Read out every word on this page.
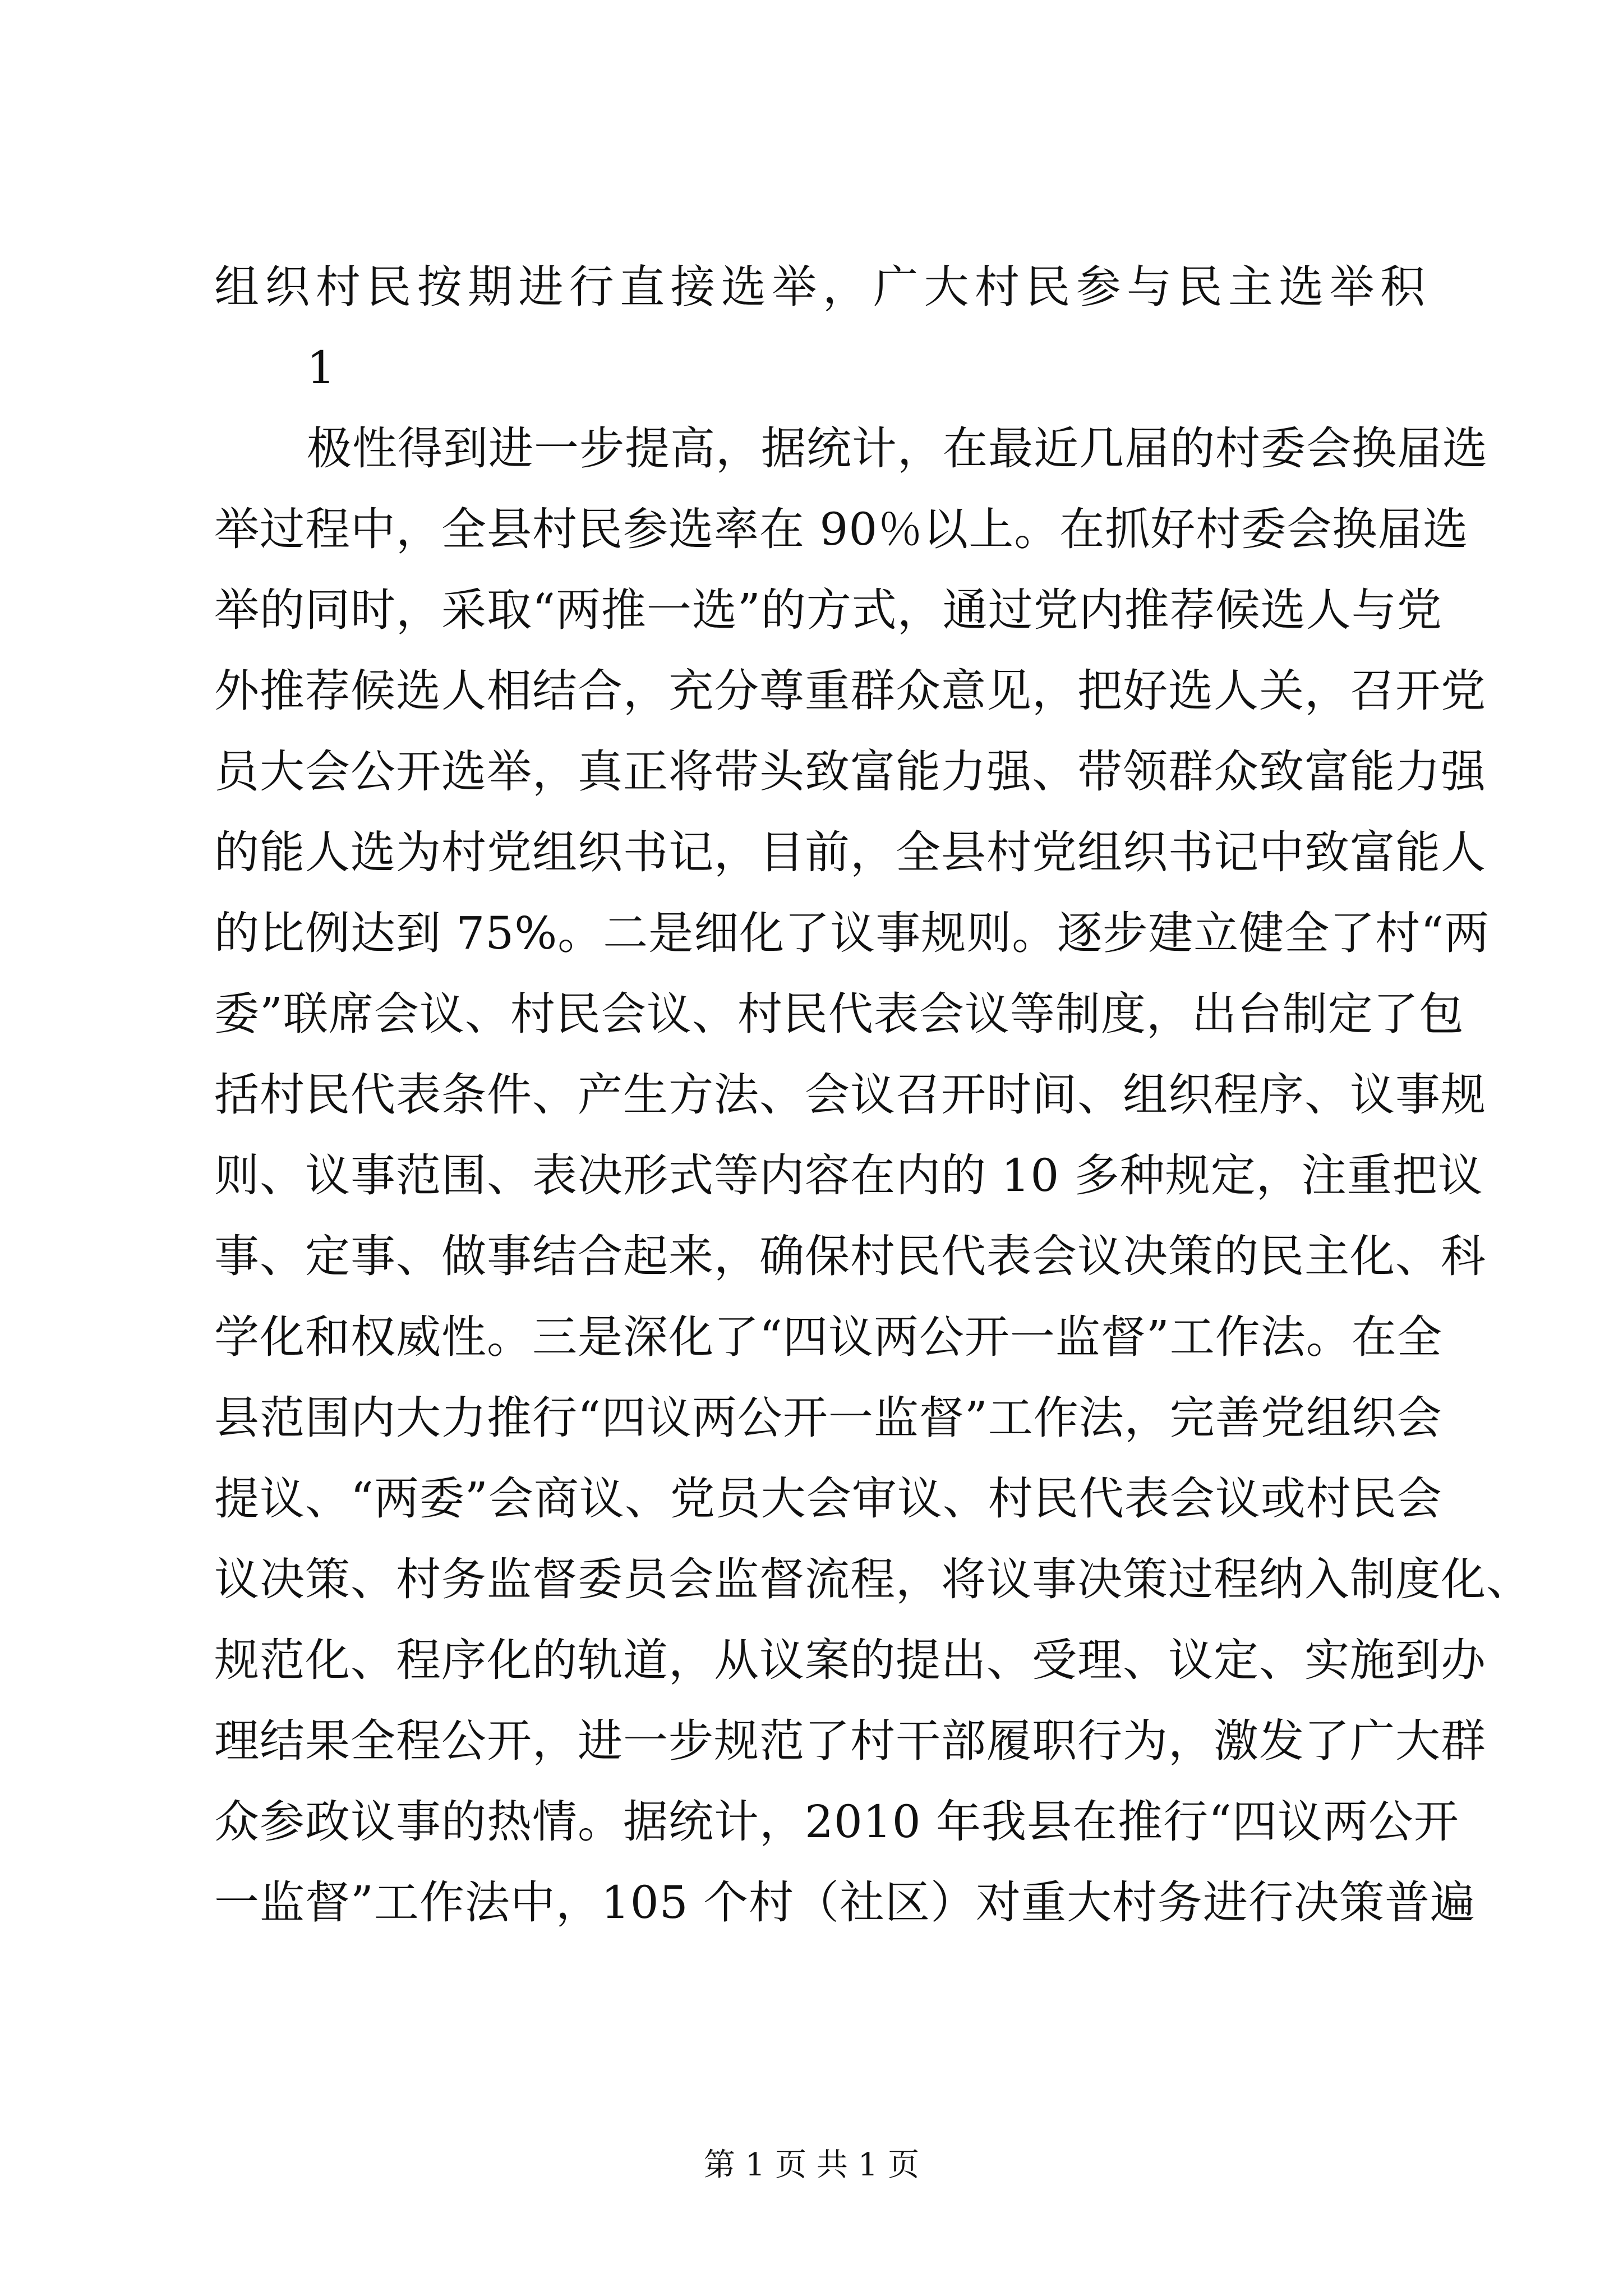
组织村民按期进行直接选举，广大村民参与民主选举积
1
极性得到进一步提高，据统计，在最近几届的村委会换届选
举过程中，全县村民参选率在 90％以上。在抓好村委会换届选
举的同时，采取“两推一选”的方式，通过党内推荐候选人与党
外推荐候选人相结合，充分尊重群众意见，把好选人关，召开党
员大会公开选举，真正将带头致富能力强、带领群众致富能力强
的能人选为村党组织书记，目前，全县村党组织书记中致富能人
的比例达到 75%。二是细化了议事规则。逐步建立健全了村“两
委”联席会议、村民会议、村民代表会议等制度，出台制定了包
括村民代表条件、产生方法、会议召开时间、组织程序、议事规
则、议事范围、表决形式等内容在内的 10 多种规定，注重把议
事、定事、做事结合起来，确保村民代表会议决策的民主化、科
学化和权威性。三是深化了“四议两公开一监督”工作法。在全
县范围内大力推行“四议两公开一监督”工作法，完善党组织会
提议、“两委”会商议、党员大会审议、村民代表会议或村民会
议决策、村务监督委员会监督流程，将议事决策过程纳入制度化、
规范化、程序化的轨道，从议案的提出、受理、议定、实施到办
理结果全程公开，进一步规范了村干部履职行为，激发了广大群
众参政议事的热情。据统计，2010 年我县在推行“四议两公开
一监督”工作法中，105 个村（社区）对重大村务进行决策普遍
第 1 页 共 1 页
